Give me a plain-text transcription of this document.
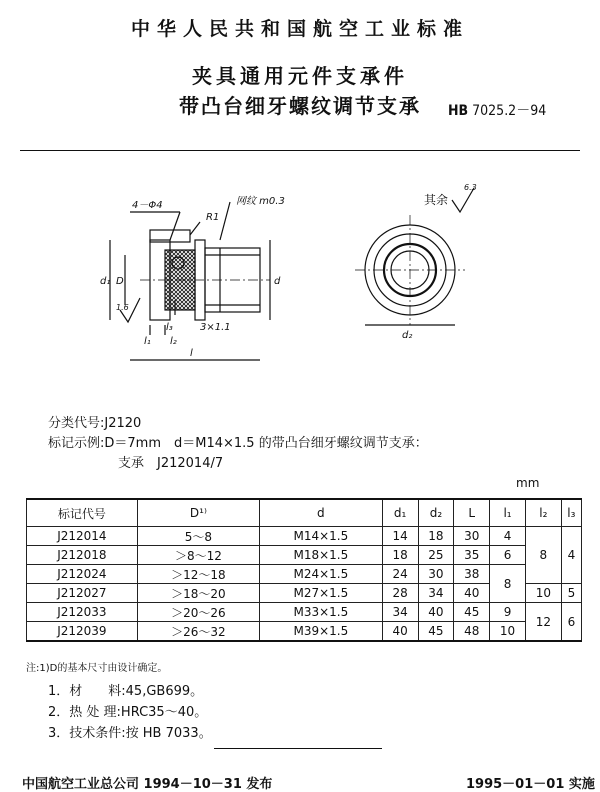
中华人民共和国航空工业标准
夹具通用元件支承件
带凸台细牙螺纹调节支承	HB 7025.2－94
4－Φ4
R1
网纹 m0.3
d₁ D	d
l₁ l₂
l₃	3×1.1
l
d₂
其余
6.3
1.6
分类代号:J2120
标记示例:D＝7mm　d＝M14×1.5 的带凸台细牙螺纹调节支承：
支承　J212014/7
mm
标记代号	D¹⁾	d	d₁	d₂	L	l₁	l₂	l₃
J212014	5～8	M14×1.5	14	18	30	4	8	4
J212018	＞8～12	M18×1.5	18	25	35	6		
J212024	＞12～18	M24×1.5	24	30	38	8		
J212027	＞18～20	M27×1.5	28	34	40		10	5
J212033	＞20～26	M33×1.5	34	40	45	9	12	6
J212039	＞26～32	M39×1.5	40	45	48	10		
注:1)D的基本尺寸由设计确定。
1．材　　料:45,GB699。
2．热 处 理:HRC35～40。
3．技术条件:按 HB 7033。
中国航空工业总公司 1994－10－31 发布	1995－01－01 实施
